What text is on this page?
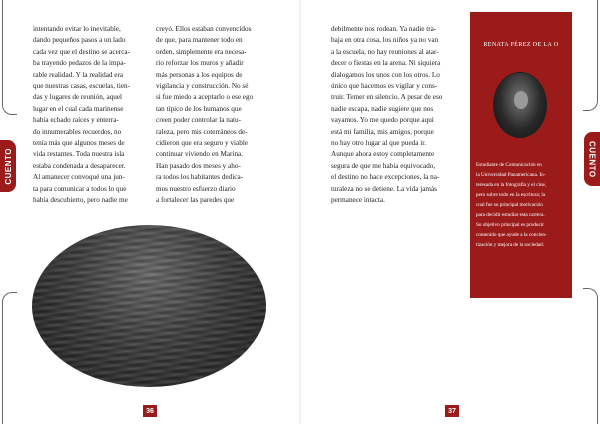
CUENTO	CUENTO

intentando evitar lo inevitable,

dando pequeños pasos a un lado

cada vez que el destino se acerca-

ba trayendo pedazos de la impa-

rable realidad. Y la realidad era

que nuestras casas, escuelas, tien-

das y lugares de reunión, aquel

lugar en el cual cada marinense

había echado raíces y enterra-

do innumerables recuerdos, no

tenía más que algunos meses de

vida restantes. Toda nuestra isla

estaba condenada a desaparecer.

Al amanecer convoqué una jun-

ta para comunicar a todos lo que

había descubierto, pero nadie me

creyó. Ellos estaban convencidos

de que, para mantener todo en

orden, simplemente era necesa-

rio reforzar los muros y añadir

más personas a los equipos de

vigilancia y construcción. No sé

si fue miedo a aceptarlo o ese ego

tan típico de los humanos que

creen poder controlar la natu-

raleza, pero mis coterráneos de-

cidieron que era seguro y viable

continuar viviendo en Marina.

Han pasado dos meses y aho-

ra todos los habitantes dedica-

mos nuestro esfuerzo diario

a fortalecer las paredes que

36

debilmente nos rodean. Ya nadie tra-

baja en otra cosa, los niños ya no van

a la escuela, no hay reuniones al atar-

decer o fiestas en la arena. Ni siquiera

dialogamos los unos con los otros. Lo

único que hacemos es vigilar y cons-

truir. Temer en silencio. A pesar de eso

nadie escapa, nadie sugiere que nos

vayamos. Yo me quedo porque aquí

está mi familia, mis amigos, porque

no hay otro lugar al que pueda ir.

Aunque ahora estoy completamente

segura de que me había equivocado,

el destino no hace excepciones, la na-

turaleza no se detiene. La vida jamás

permanece intacta.

RENATA PÉREZ DE LA O
Estudiante de Comunicación en
la Universidad Panamericana. In-
teresada en la fotografía y el cine,
pero sobre todo en la escritura; la
cual fue su principal motivación
para decidir estudiar esta carrera.
Su objetivo principal es producir
contenido que ayude a la concien-
tización y mejora de la sociedad.
37
